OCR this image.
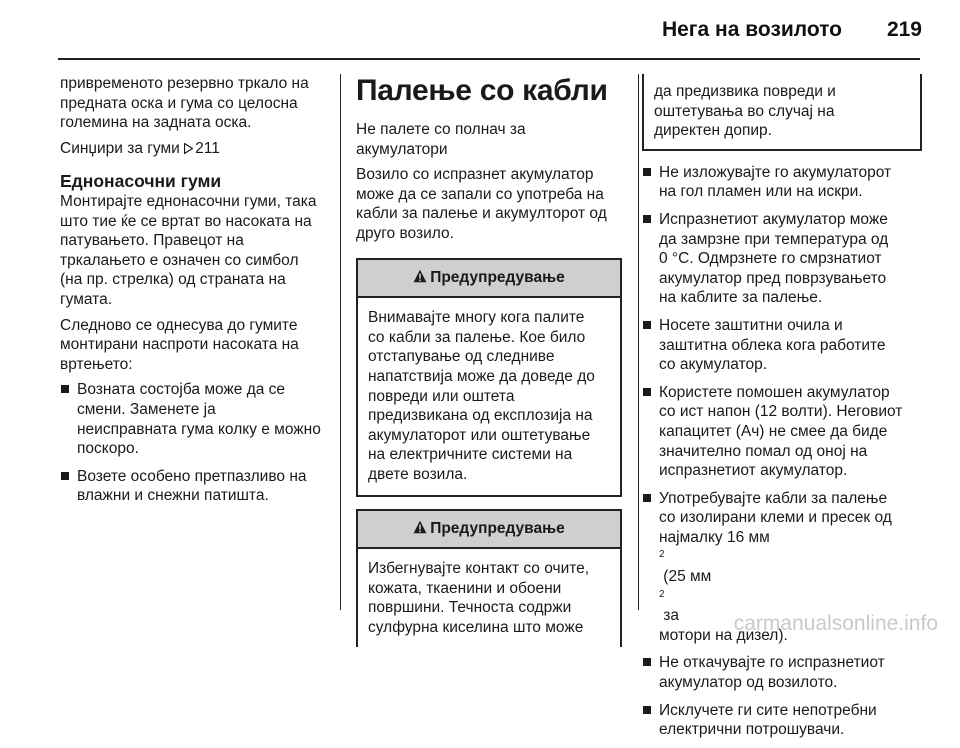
Нега на возилото 219

привременото резервно тркало на
предната оска и гума со целосна
големина на задната оска.

Синџири за гуми 211

Еднонасочни гуми

Монтирајте еднонасочни гуми, така
што тие ќе се вртат во насоката на
патувањето. Правецот на
тркалањето е означен со симбол
(на пр. стрелка) од страната на
гумата.

Следново се однесува до гумите
монтирани наспроти насоката на
вртењето:

Возната состојба може да се
смени. Заменете ја
неисправната гума колку е можно
поскоро.
Возете особено претпазливо на
влажни и снежни патишта.
Палење со кабли

Не палете со полнач за
акумулатори

Возило со испразнет акумулатор
може да се запали со употреба на
кабли за палење и акумулторот од
друго возило.

Предупредување
Внимавајте многу кога палите
со кабли за палење. Кое било
отстапување од следниве
напатствија може да доведе до
повреди или оштета
предизвикана од експлозија на
акумулаторот или оштетување
на електричните системи на
двете возила.
Предупредување
Избегнувајте контакт со очите,
кожата, ткаенини и обоени
површини. Течноста содржи
сулфурна киселина што може
да предизвика повреди и
оштетувања во случај на
директен допир.
Не изложувајте го акумулаторот
на гол пламен или на искри.
Испразнетиот акумулатор може
да замрзне при температура од
0 °C. Одмрзнете го смрзнатиот
акумулатор пред поврзувањето
на каблите за палење.
Носете заштитни очила и
заштитна облека кога работите
со акумулатор.
Користете помошен акумулатор
со ист напон (12 волти). Неговиот
капацитет (Ач) не смее да биде
значително помал од оној на
испразнетиот акумулатор.
Употребувајте кабли за палење
со изолирани клеми и пресек од
најмалку 16 мм
$^2$
(25 мм
$^2$
за
мотори на дизел).
Не откачувајте го испразнетиот
акумулатор од возилото.
Исклучете ги сите непотребни
електрични потрошувачи.
carmanualsonline.info
